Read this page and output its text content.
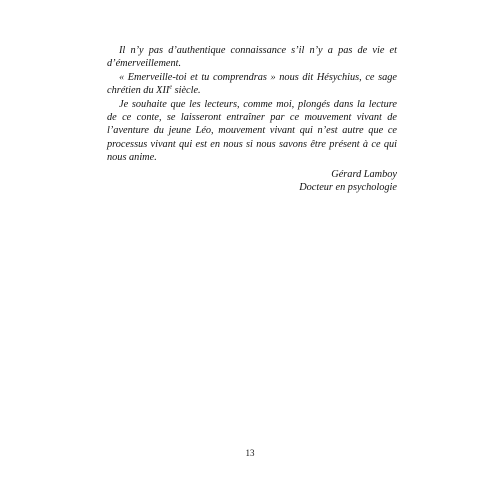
Il n’y pas d’authentique connaissance s’il n’y a pas de vie et d’émerveillement.

« Emerveille-toi et tu comprendras » nous dit Hésychius, ce sage chrétien du XIIe siècle.

Je souhaite que les lecteurs, comme moi, plongés dans la lecture de ce conte, se laisseront entraîner par ce mouvement vivant de l’aventure du jeune Léo, mouvement vivant qui n’est autre que ce processus vivant qui est en nous si nous savons être présent à ce qui nous anime.

Gérard Lamboy
Docteur en psychologie
13
